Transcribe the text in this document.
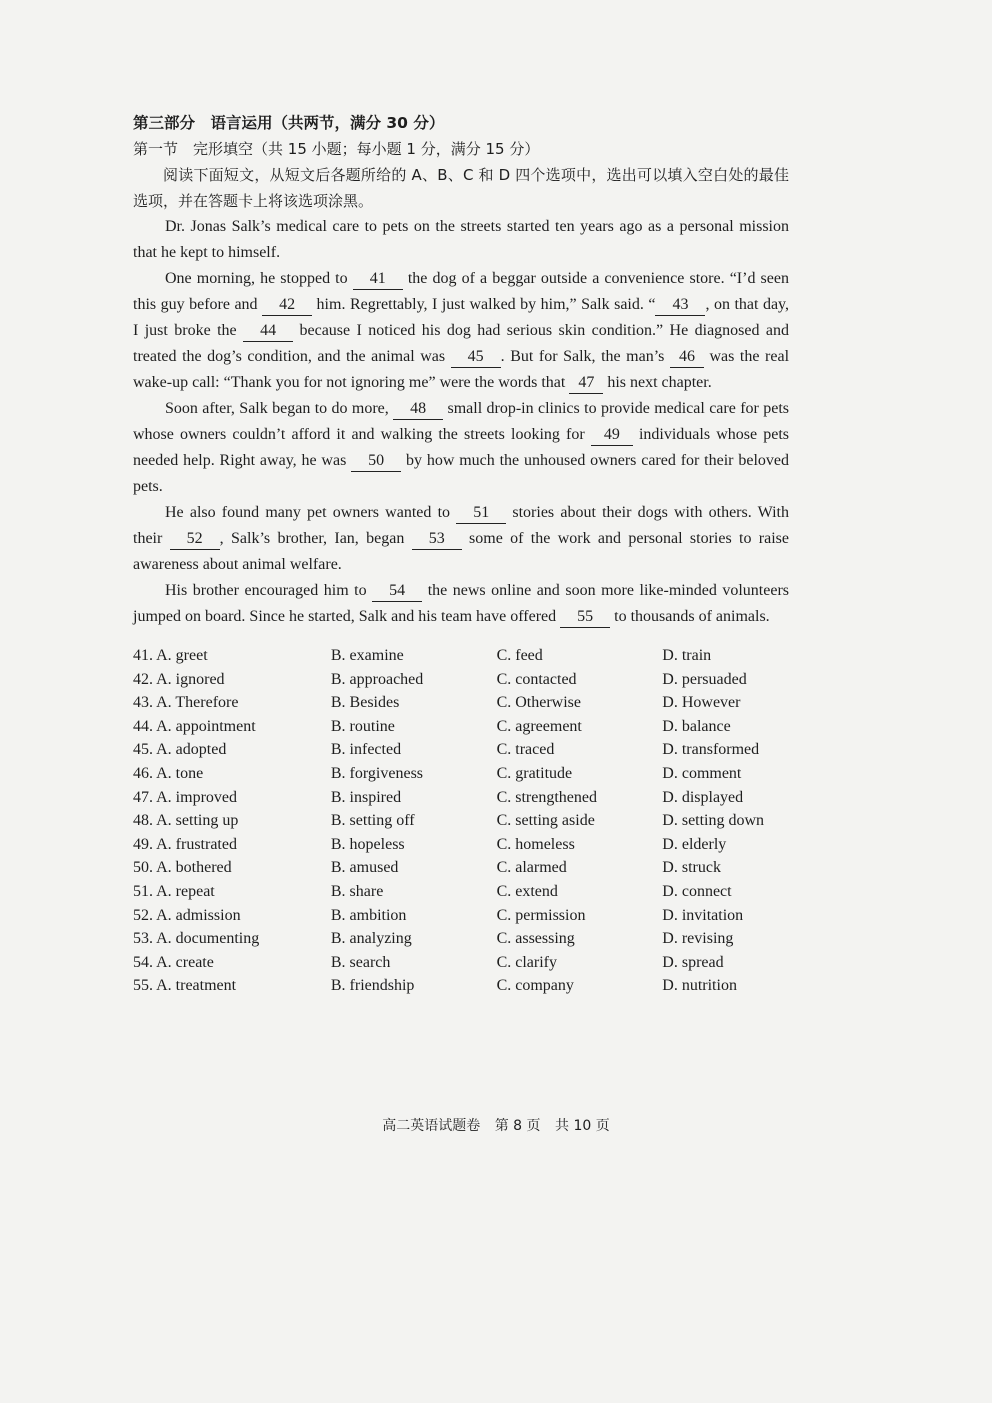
第三部分　语言运用（共两节，满分 30 分）
第一节　完形填空（共 15 小题；每小题 1 分，满分 15 分）

阅读下面短文，从短文后各题所给的 A、B、C 和 D 四个选项中，选出可以填入空白处的最佳选项，并在答题卡上将该选项涂黑。

Dr. Jonas Salk’s medical care to pets on the streets started ten years ago as a personal mission that he kept to himself.

One morning, he stopped to 41 the dog of a beggar outside a convenience store. “I’d seen this guy before and 42 him. Regrettably, I just walked by him,” Salk said. “ 43 , on that day, I just broke the 44 because I noticed his dog had serious skin condition.” He diagnosed and treated the dog’s condition, and the animal was 45 . But for Salk, the man’s 46 was the real wake-up call: “Thank you for not ignoring me” were the words that 47 his next chapter.

Soon after, Salk began to do more, 48 small drop-in clinics to provide medical care for pets whose owners couldn’t afford it and walking the streets looking for 49 individuals whose pets needed help. Right away, he was 50 by how much the unhoused owners cared for their beloved pets.

He also found many pet owners wanted to 51 stories about their dogs with others. With their 52 , Salk’s brother, Ian, began 53 some of the work and personal stories to raise awareness about animal welfare.

His brother encouraged him to 54 the news online and soon more like-minded volunteers jumped on board. Since he started, Salk and his team have offered 55 to thousands of animals.

41. A. greet	B. examine	C. feed	D. train
42. A. ignored	B. approached	C. contacted	D. persuaded
43. A. Therefore	B. Besides	C. Otherwise	D. However
44. A. appointment	B. routine	C. agreement	D. balance
45. A. adopted	B. infected	C. traced	D. transformed
46. A. tone	B. forgiveness	C. gratitude	D. comment
47. A. improved	B. inspired	C. strengthened	D. displayed
48. A. setting up	B. setting off	C. setting aside	D. setting down
49. A. frustrated	B. hopeless	C. homeless	D. elderly
50. A. bothered	B. amused	C. alarmed	D. struck
51. A. repeat	B. share	C. extend	D. connect
52. A. admission	B. ambition	C. permission	D. invitation
53. A. documenting	B. analyzing	C. assessing	D. revising
54. A. create	B. search	C. clarify	D. spread
55. A. treatment	B. friendship	C. company	D. nutrition
高二英语试题卷 第 8 页 共 10 页
